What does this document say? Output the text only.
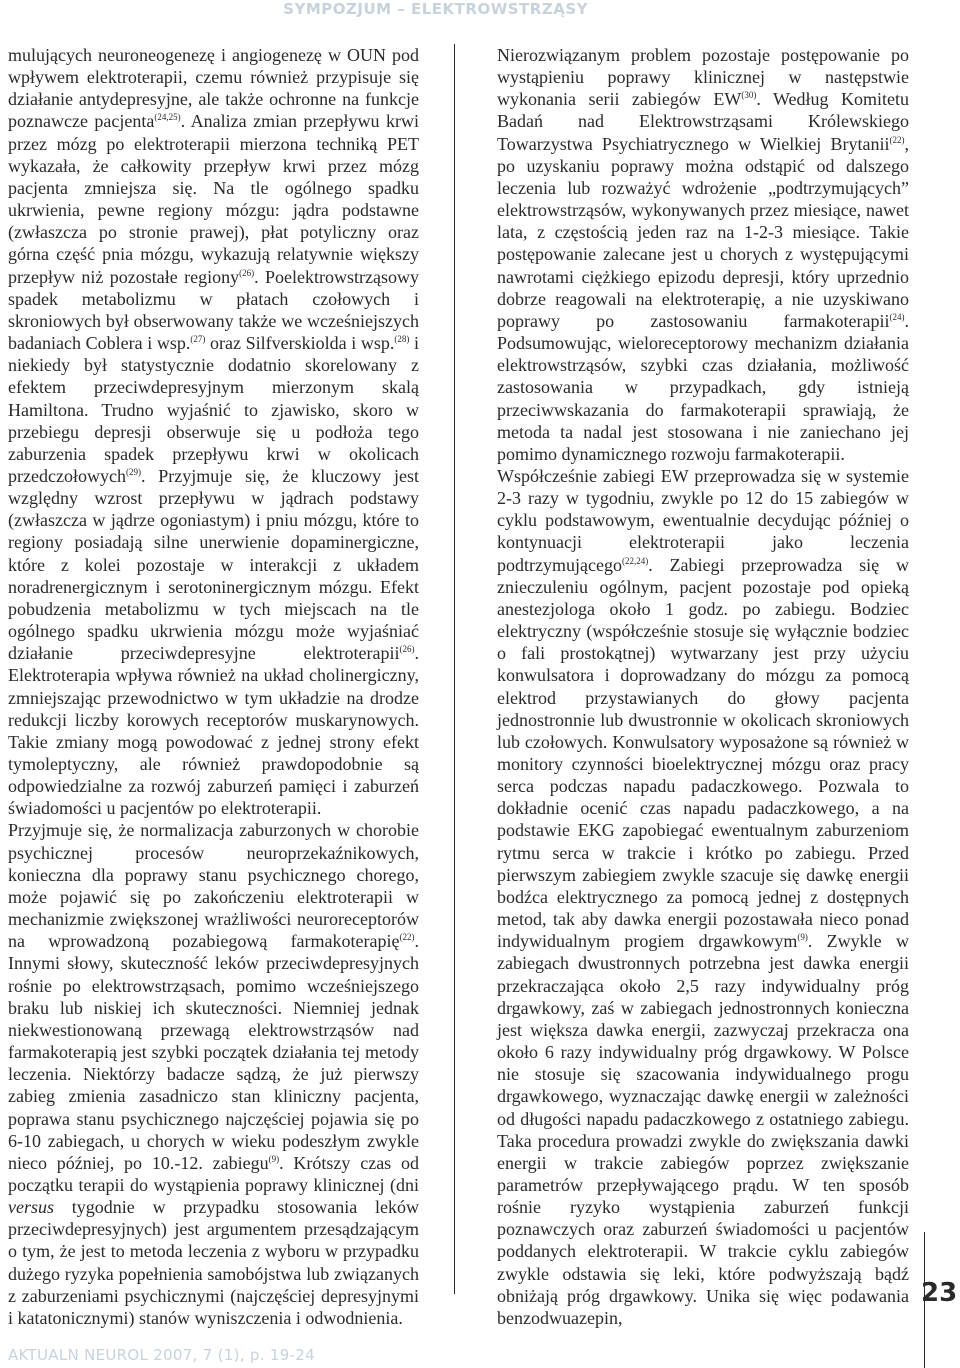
SYMPOZJUM – ELEKTROWSTRZĄSY

mulujących neuroneogenezę i angiogenezę w OUN pod wpływem elektroterapii, czemu również przypisuje się działanie antydepresyjne, ale także ochronne na funkcje poznawcze pacjenta$^{(24,25)}$. Analiza zmian przepływu krwi przez mózg po elektroterapii mierzona techniką PET wykazała, że całkowity przepływ krwi przez mózg pacjenta zmniejsza się. Na tle ogólnego spadku ukrwienia, pewne regiony mózgu: jądra podstawne (zwłaszcza po stronie prawej), płat potyliczny oraz górna część pnia mózgu, wykazują relatywnie większy przepływ niż pozostałe regiony$^{(26)}$. Poelektrowstrząsowy spadek metabolizmu w płatach czołowych i skroniowych był obserwowany także we wcześniejszych badaniach Coblera i wsp.$^{(27)}$ oraz Silfverskiolda i wsp.$^{(28)}$ i niekiedy był statystycznie dodatnio skorelowany z efektem przeciwdepresyjnym mierzonym skalą Hamiltona. Trudno wyjaśnić to zjawisko, skoro w przebiegu depresji obserwuje się u podłoża tego zaburzenia spadek przepływu krwi w okolicach przedczołowych$^{(29)}$. Przyjmuje się, że kluczowy jest względny wzrost przepływu w jądrach podstawy (zwłaszcza w jądrze ogoniastym) i pniu mózgu, które to regiony posiadają silne unerwienie dopaminergiczne, które z kolei pozostaje w interakcji z układem noradrenergicznym i serotoninergicznym mózgu. Efekt pobudzenia metabolizmu w tych miejscach na tle ogólnego spadku ukrwienia mózgu może wyjaśniać działanie przeciwdepresyjne elektroterapii$^{(26)}$. Elektroterapia wpływa również na układ cholinergiczny, zmniejszając przewodnictwo w tym układzie na drodze redukcji liczby korowych receptorów muskarynowych. Takie zmiany mogą powodować z jednej strony efekt tymoleptyczny, ale również prawdopodobnie są odpowiedzialne za rozwój zaburzeń pamięci i zaburzeń świadomości u pacjentów po elektroterapii.

Przyjmuje się, że normalizacja zaburzonych w chorobie psychicznej procesów neuroprzekaźnikowych, konieczna dla poprawy stanu psychicznego chorego, może pojawić się po zakończeniu elektroterapii w mechanizmie zwiększonej wrażliwości neuroreceptorów na wprowadzoną pozabiegową farmakoterapię$^{(22)}$. Innymi słowy, skuteczność leków przeciwdepresyjnych rośnie po elektrowstrząsach, pomimo wcześniejszego braku lub niskiej ich skuteczności. Niemniej jednak niekwestionowaną przewagą elektrowstrząsów nad farmakoterapią jest szybki początek działania tej metody leczenia. Niektórzy badacze sądzą, że już pierwszy zabieg zmienia zasadniczo stan kliniczny pacjenta, poprawa stanu psychicznego najczęściej pojawia się po 6-10 zabiegach, u chorych w wieku podeszłym zwykle nieco później, po 10.-12. zabiegu$^{(9)}$. Krótszy czas od początku terapii do wystąpienia poprawy klinicznej (dni versus tygodnie w przypadku stosowania leków przeciwdepresyjnych) jest argumentem przesądzającym o tym, że jest to metoda leczenia z wyboru w przypadku dużego ryzyka popełnienia samobójstwa lub związanych z zaburzeniami psychicznymi (najczęściej depresyjnymi i katatonicznymi) stanów wyniszczenia i odwodnienia.

Nierozwiązanym problem pozostaje postępowanie po wystąpieniu poprawy klinicznej w następstwie wykonania serii zabiegów EW$^{(30)}$. Według Komitetu Badań nad Elektrowstrząsami Królewskiego Towarzystwa Psychiatrycznego w Wielkiej Brytanii$^{(22)}$, po uzyskaniu poprawy można odstąpić od dalszego leczenia lub rozważyć wdrożenie „podtrzymujących” elektrowstrząsów, wykonywanych przez miesiące, nawet lata, z częstością jeden raz na 1-2-3 miesiące. Takie postępowanie zalecane jest u chorych z występującymi nawrotami ciężkiego epizodu depresji, który uprzednio dobrze reagowali na elektroterapię, a nie uzyskiwano poprawy po zastosowaniu farmakoterapii$^{(24)}$. Podsumowując, wieloreceptorowy mechanizm działania elektrowstrząsów, szybki czas działania, możliwość zastosowania w przypadkach, gdy istnieją przeciwwskazania do farmakoterapii sprawiają, że metoda ta nadal jest stosowana i nie zaniechano jej pomimo dynamicznego rozwoju farmakoterapii.

Współcześnie zabiegi EW przeprowadza się w systemie 2-3 razy w tygodniu, zwykle po 12 do 15 zabiegów w cyklu podstawowym, ewentualnie decydując później o kontynuacji elektroterapii jako leczenia podtrzymującego$^{(22,24)}$. Zabiegi przeprowadza się w znieczuleniu ogólnym, pacjent pozostaje pod opieką anestezjologa około 1 godz. po zabiegu. Bodziec elektryczny (współcześnie stosuje się wyłącznie bodziec o fali prostokątnej) wytwarzany jest przy użyciu konwulsatora i doprowadzany do mózgu za pomocą elektrod przystawianych do głowy pacjenta jednostronnie lub dwustronnie w okolicach skroniowych lub czołowych. Konwulsatory wyposażone są również w monitory czynności bioelektrycznej mózgu oraz pracy serca podczas napadu padaczkowego. Pozwala to dokładnie ocenić czas napadu padaczkowego, a na podstawie EKG zapobiegać ewentualnym zaburzeniom rytmu serca w trakcie i krótko po zabiegu. Przed pierwszym zabiegiem zwykle szacuje się dawkę energii bodźca elektrycznego za pomocą jednej z dostępnych metod, tak aby dawka energii pozostawała nieco ponad indywidualnym progiem drgawkowym$^{(9)}$. Zwykle w zabiegach dwustronnych potrzebna jest dawka energii przekraczająca około 2,5 razy indywidualny próg drgawkowy, zaś w zabiegach jednostronnych konieczna jest większa dawka energii, zazwyczaj przekracza ona około 6 razy indywidualny próg drgawkowy. W Polsce nie stosuje się szacowania indywidualnego progu drgawkowego, wyznaczając dawkę energii w zależności od długości napadu padaczkowego z ostatniego zabiegu. Taka procedura prowadzi zwykle do zwiększania dawki energii w trakcie zabiegów poprzez zwiększanie parametrów przepływającego prądu. W ten sposób rośnie ryzyko wystąpienia zaburzeń funkcji poznawczych oraz zaburzeń świadomości u pacjentów poddanych elektroterapii. W trakcie cyklu zabiegów zwykle odstawia się leki, które podwyższają bądź obniżają próg drgawkowy. Unika się więc podawania benzodwuazepin,

23

AKTUALN NEUROL 2007, 7 (1), p. 19-24
